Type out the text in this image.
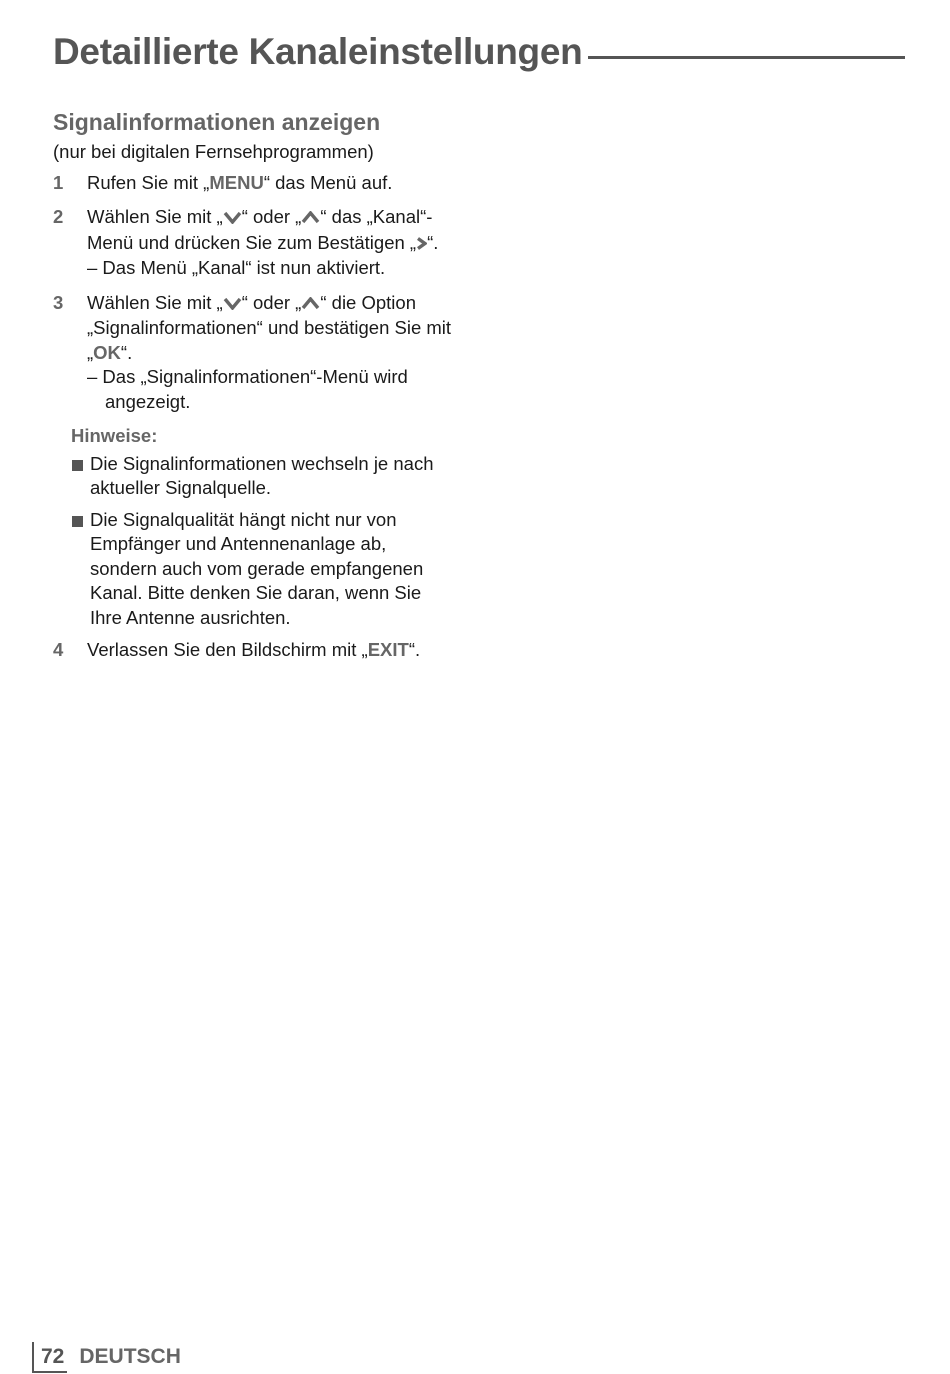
Detaillierte Kanaleinstellungen
Signalinformationen anzeigen
(nur bei digitalen Fernsehprogrammen)
1	Rufen Sie mit „MENU“ das Menü auf.
2	Wählen Sie mit „ “ oder „ “ das „Kanal“-Menü und drücken Sie zum Bestätigen „ “.
– Das Menü „Kanal“ ist nun aktiviert.
3	Wählen Sie mit „ “ oder „ “ die Option „Signalinformationen“ und bestätigen Sie mit „OK“.
– Das „Signalinformationen“-Menü wird angezeigt.
Hinweise:
Die Signalinformationen wechseln je nach aktueller Signalquelle.
Die Signalqualität hängt nicht nur von Empfänger und Antennenanlage ab, sondern auch vom gerade empfangenen Kanal. Bitte denken Sie daran, wenn Sie Ihre Antenne ausrichten.
4	Verlassen Sie den Bildschirm mit „EXIT“.
72 DEUTSCH
